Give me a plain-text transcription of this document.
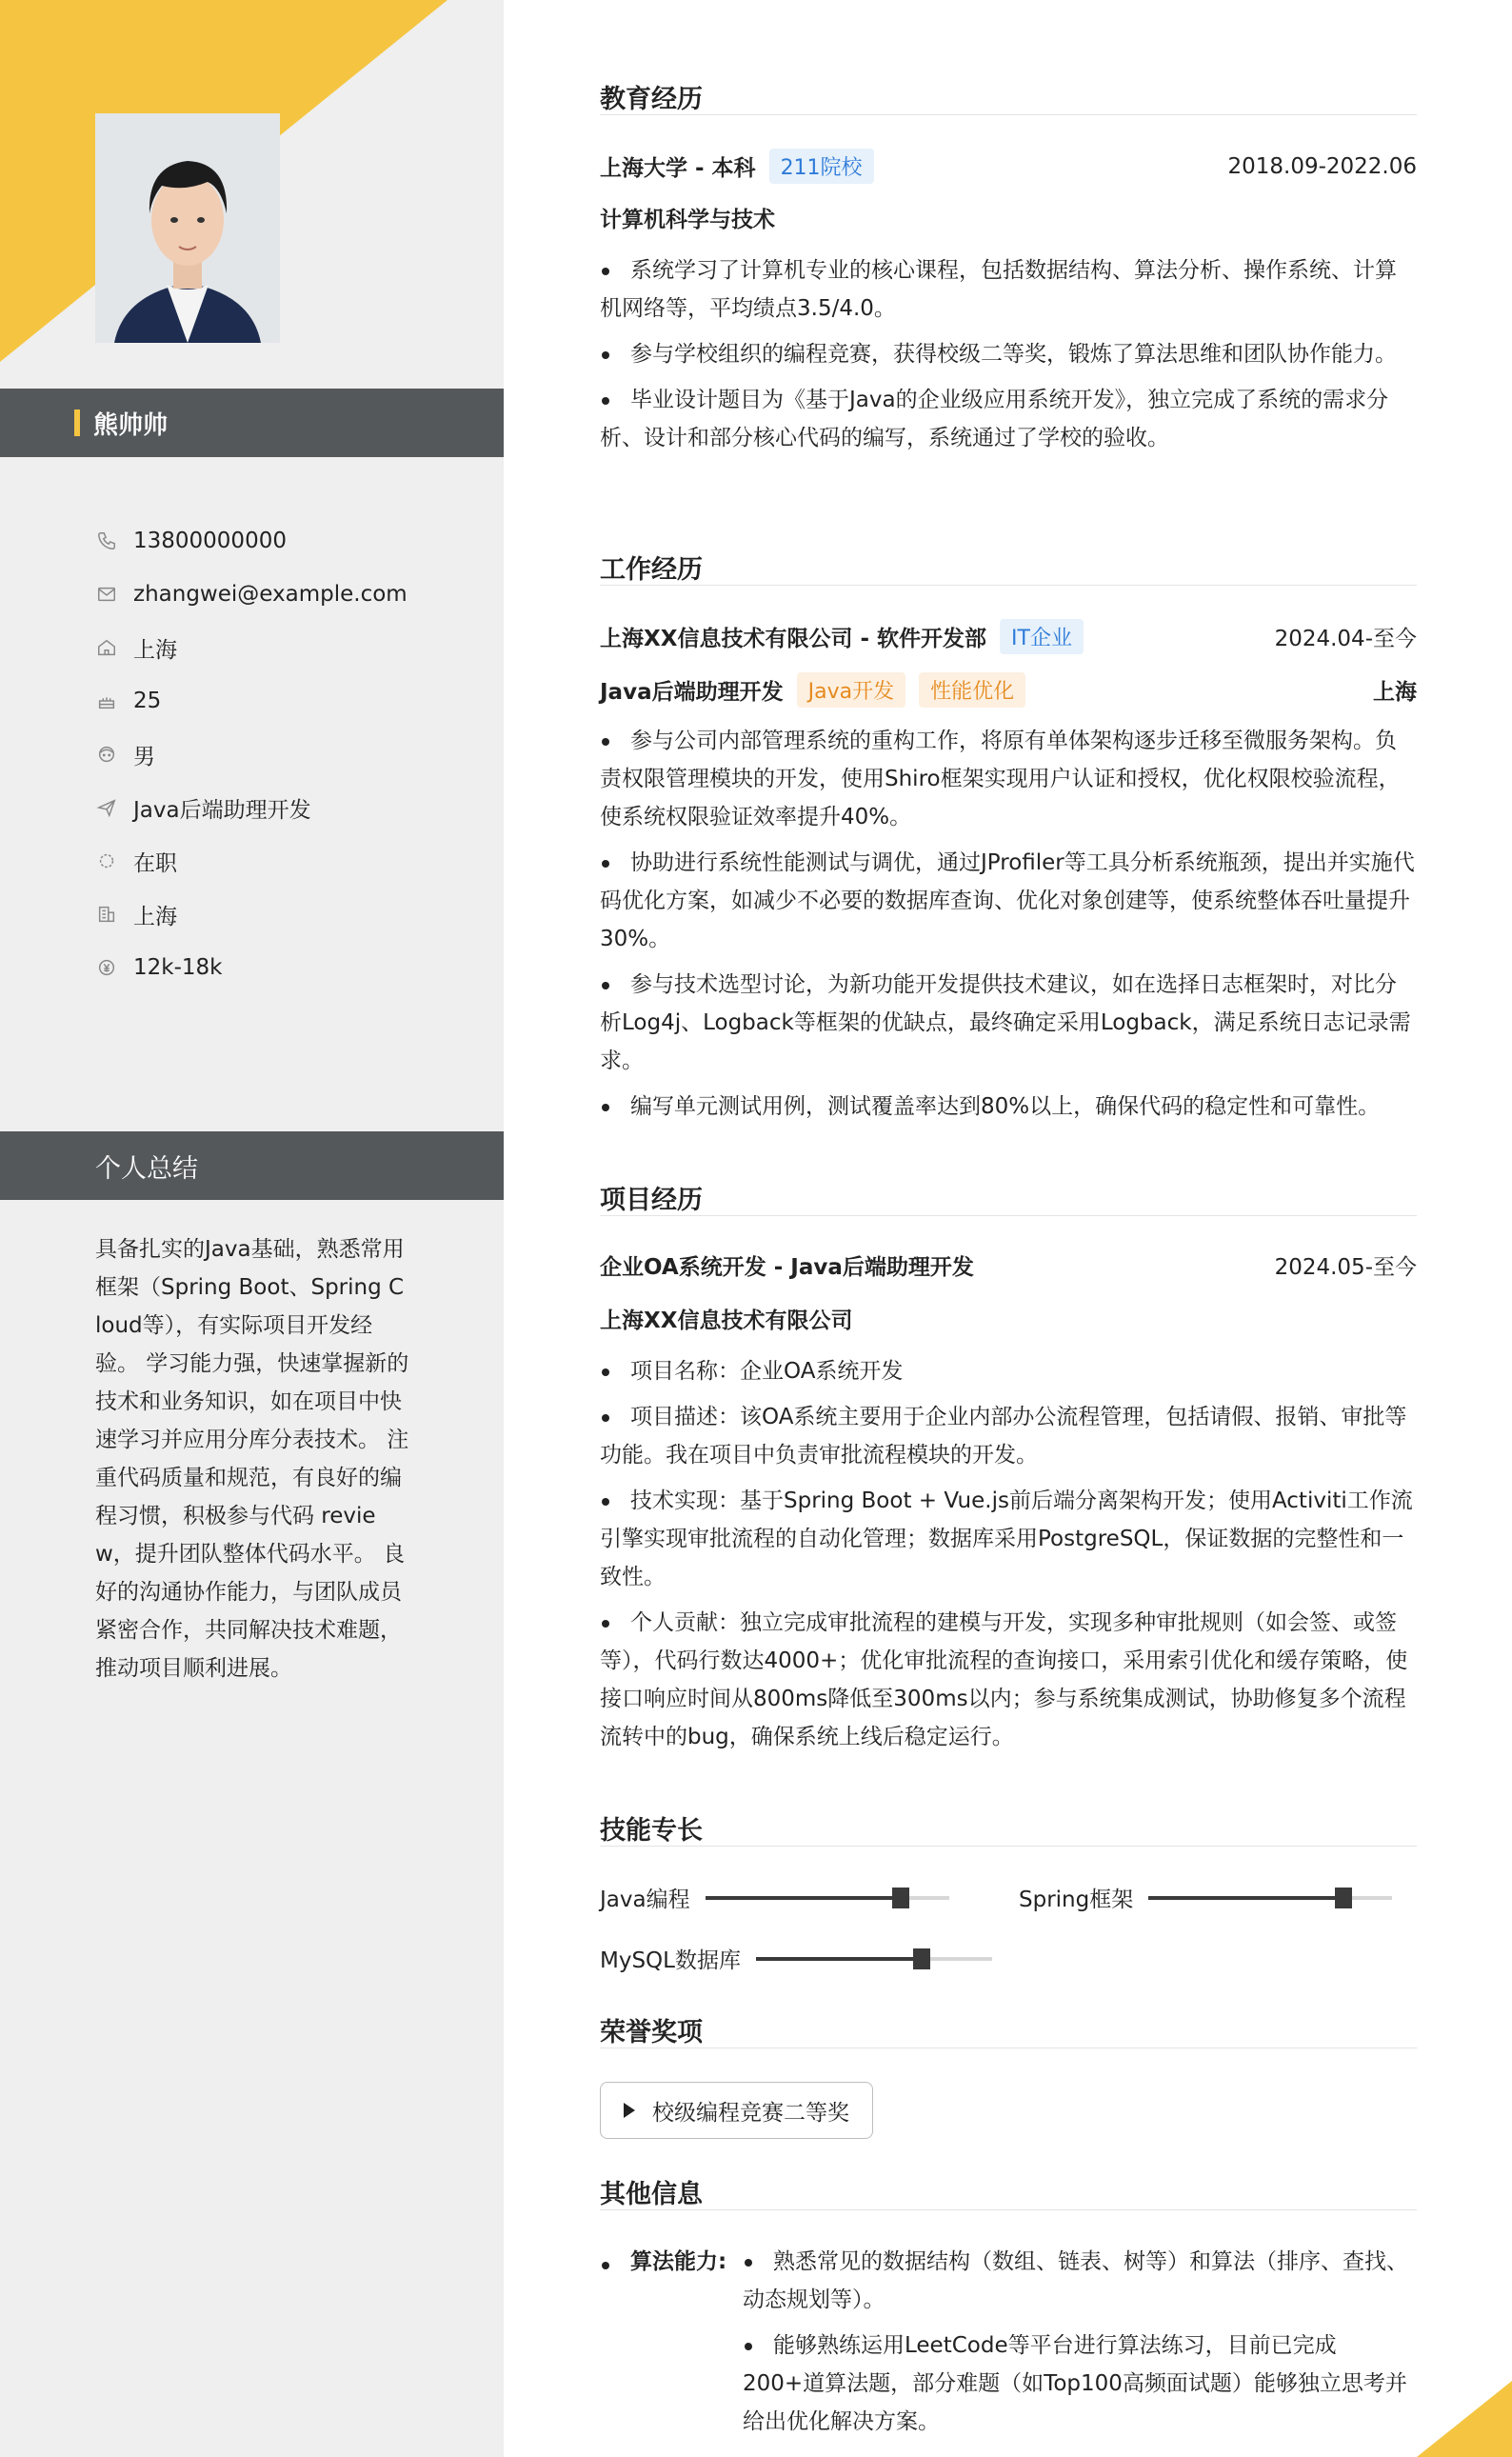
熊帅帅
13800000000
zhangwei@example.com
上海
25
男
Java后端助理开发
在职
上海
12k-18k
个人总结
具备扎实的Java基础，熟悉常用框架（Spring Boot、Spring Cloud等），有实际项目开发经验。 学习能力强，快速掌握新的技术和业务知识，如在项目中快速学习并应用分库分表技术。 注重代码质量和规范，有良好的编程习惯，积极参与代码 review，提升团队整体代码水平。 良好的沟通协作能力，与团队成员紧密合作，共同解决技术难题，推动项目顺利进展。
教育经历
上海大学 - 本科	211院校	2018.09-2022.06
计算机科学与技术
系统学习了计算机专业的核心课程，包括数据结构、算法分析、操作系统、计算机网络等，平均绩点3.5/4.0。
参与学校组织的编程竞赛，获得校级二等奖，锻炼了算法思维和团队协作能力。
毕业设计题目为《基于Java的企业级应用系统开发》，独立完成了系统的需求分析、设计和部分核心代码的编写，系统通过了学校的验收。
工作经历
上海XX信息技术有限公司 - 软件开发部	IT企业	2024.04-至今
Java后端助理开发	Java开发	性能优化	上海
参与公司内部管理系统的重构工作，将原有单体架构逐步迁移至微服务架构。负责权限管理模块的开发，使用Shiro框架实现用户认证和授权，优化权限校验流程，使系统权限验证效率提升40%。
协助进行系统性能测试与调优，通过JProfiler等工具分析系统瓶颈，提出并实施代码优化方案，如减少不必要的数据库查询、优化对象创建等，使系统整体吞吐量提升30%。
参与技术选型讨论，为新功能开发提供技术建议，如在选择日志框架时，对比分析Log4j、Logback等框架的优缺点，最终确定采用Logback，满足系统日志记录需求。
编写单元测试用例，测试覆盖率达到80%以上，确保代码的稳定性和可靠性。
项目经历
企业OA系统开发 - Java后端助理开发	2024.05-至今
上海XX信息技术有限公司
项目名称：企业OA系统开发
项目描述：该OA系统主要用于企业内部办公流程管理，包括请假、报销、审批等功能。我在项目中负责审批流程模块的开发。
技术实现：基于Spring Boot + Vue.js前后端分离架构开发；使用Activiti工作流引擎实现审批流程的自动化管理；数据库采用PostgreSQL，保证数据的完整性和一致性。
个人贡献：独立完成审批流程的建模与开发，实现多种审批规则（如会签、或签等），代码行数达4000+；优化审批流程的查询接口，采用索引优化和缓存策略，使接口响应时间从800ms降低至300ms以内；参与系统集成测试，协助修复多个流程流转中的bug，确保系统上线后稳定运行。
技能专长
Java编程	Spring框架
MySQL数据库
荣誉奖项
校级编程竞赛二等奖
其他信息
算法能力:	熟悉常见的数据结构（数组、链表、树等）和算法（排序、查找、动态规划等）。
能够熟练运用LeetCode等平台进行算法练习，目前已完成200+道算法题，部分难题（如Top100高频面试题）能够独立思考并给出优化解决方案。
